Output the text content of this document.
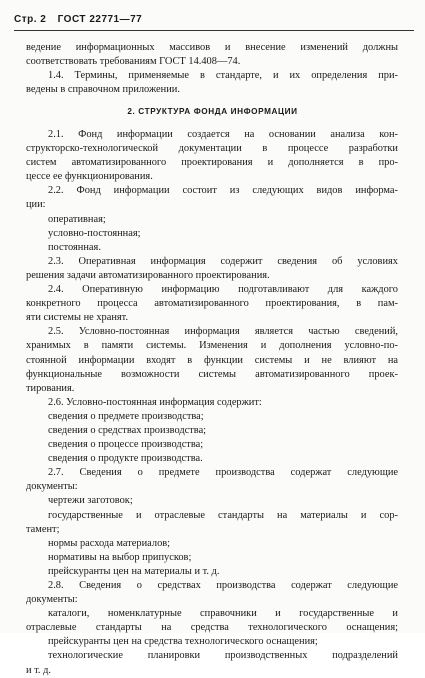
Стр. 2 ГОСТ 22771—77
ведение информационных массивов и внесение изменений должны
соответствовать требованиям ГОСТ 14.408—74.
1.4. Термины, применяемые в стандарте, и их определения при-
ведены в справочном приложении.
2. СТРУКТУРА ФОНДА ИНФОРМАЦИИ
2.1. Фонд информации создается на основании анализа кон-
структорско-технологической документации в процессе разработки
систем автоматизированного проектирования и дополняется в про-
цессе ее функционирования.
2.2. Фонд информации состоит из следующих видов информа-
ции:
оперативная;
условно-постоянная;
постоянная.
2.3. Оперативная информация содержит сведения об условиях
решения задачи автоматизированного проектирования.
2.4. Оперативную информацию подготавливают для каждого
конкретного процесса автоматизированного проектирования, в пам-
яти системы не хранят.
2.5. Условно-постоянная информация является частью сведений,
хранимых в памяти системы. Изменения и дополнения условно-по-
стоянной информации входят в функции системы и не влияют на
функциональные возможности системы автоматизированного проек-
тирования.
2.6. Условно-постоянная информация содержит:
сведения о предмете производства;
сведения о средствах производства;
сведения о процессе производства;
сведения о продукте производства.
2.7. Сведения о предмете производства содержат следующие
документы:
чертежи заготовок;
государственные и отраслевые стандарты на материалы и сор-
тамент;
нормы расхода материалов;
нормативы на выбор припусков;
прейскуранты цен на материалы и т. д.
2.8. Сведения о средствах производства содержат следующие
документы:
каталоги, номенклатурные справочники и государственные и
отраслевые стандарты на средства технологического оснащения;
прейскуранты цен на средства технологического оснащения;
технологические планировки производственных подразделений
и т. д.
